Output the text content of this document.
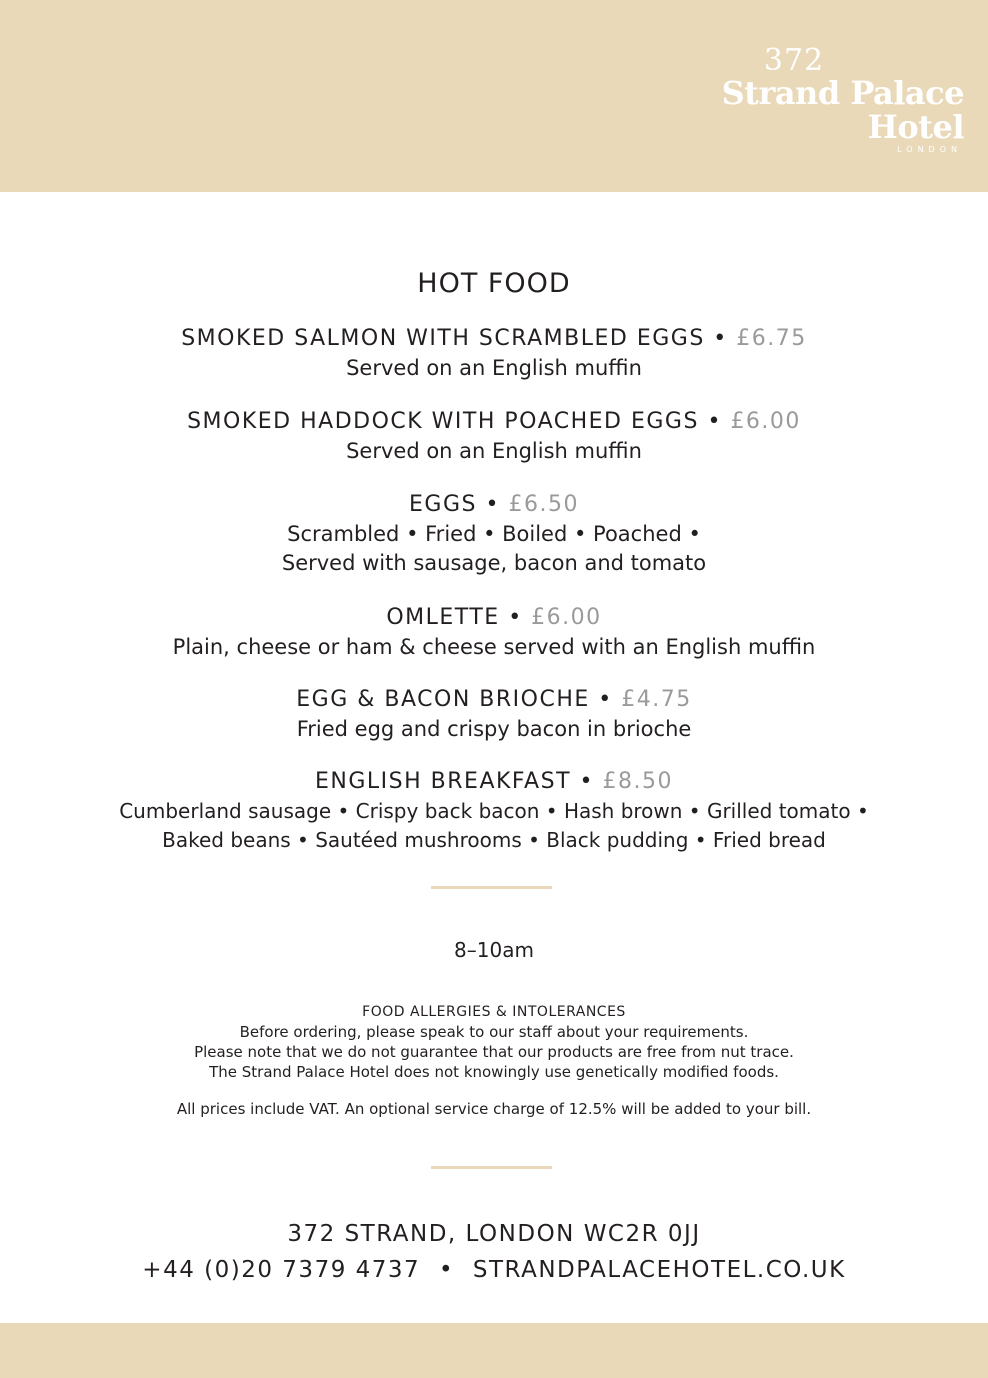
372
Strand Palace Hotel
LONDON
HOT FOOD
SMOKED SALMON WITH SCRAMBLED EGGS • £6.75
Served on an English muffin
SMOKED HADDOCK WITH POACHED EGGS • £6.00
Served on an English muffin
EGGS • £6.50
Scrambled • Fried • Boiled • Poached •
Served with sausage, bacon and tomato
OMLETTE • £6.00
Plain, cheese or ham & cheese served with an English muffin
EGG & BACON BRIOCHE • £4.75
Fried egg and crispy bacon in brioche
ENGLISH BREAKFAST • £8.50
Cumberland sausage • Crispy back bacon • Hash brown • Grilled tomato •
Baked beans • Sautéed mushrooms • Black pudding • Fried bread
8–10am
FOOD ALLERGIES & INTOLERANCES
Before ordering, please speak to our staff about your requirements.
Please note that we do not guarantee that our products are free from nut trace.
The Strand Palace Hotel does not knowingly use genetically modified foods.
All prices include VAT. An optional service charge of 12.5% will be added to your bill.
372 STRAND, LONDON WC2R 0JJ
+44 (0)20 7379 4737 • STRANDPALACEHOTEL.CO.UK
